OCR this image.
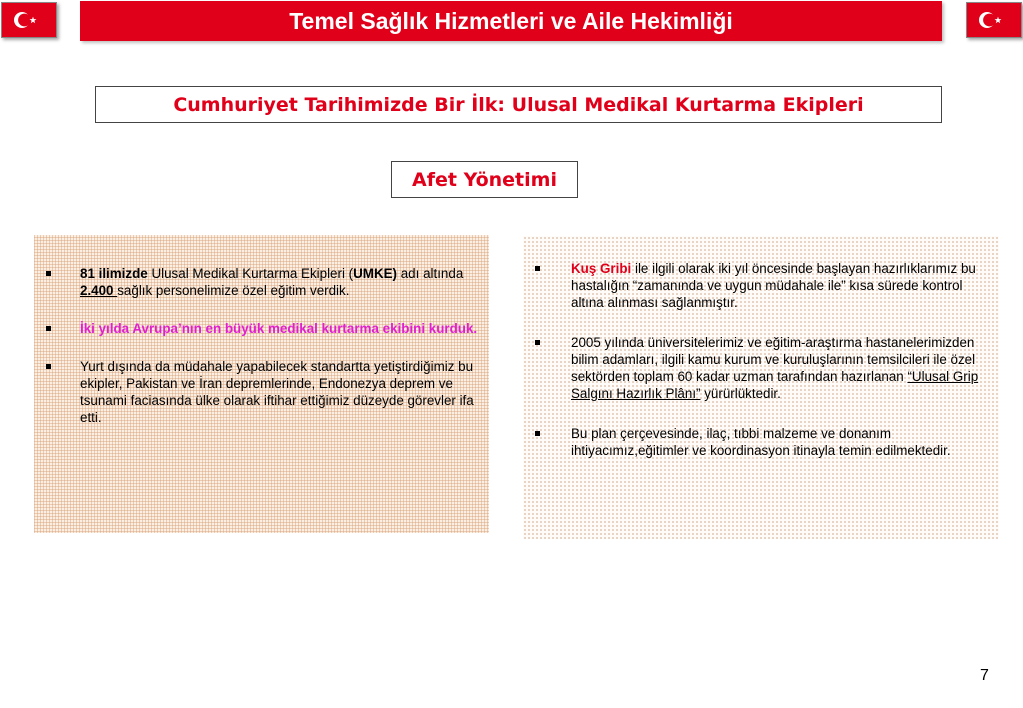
Temel Sağlık Hizmetleri ve Aile Hekimliği
Cumhuriyet Tarihimizde Bir İlk: Ulusal Medikal Kurtarma Ekipleri
Afet Yönetimi
81 ilimizde Ulusal Medikal Kurtarma Ekipleri (UMKE) adı altında 2.400 sağlık personelimize özel eğitim verdik.
İki yılda Avrupa’nın en büyük medikal kurtarma ekibini kurduk.
Yurt dışında da müdahale yapabilecek standartta yetiştirdiğimiz bu ekipler, Pakistan ve İran depremlerinde, Endonezya deprem ve tsunami faciasında ülke olarak iftihar ettiğimiz düzeyde görevler ifa etti.
Kuş Gribi ile ilgili olarak iki yıl öncesinde başlayan hazırlıklarımız bu hastalığın “zamanında ve uygun müdahale ile” kısa sürede kontrol altına alınması sağlanmıştır.
2005 yılında üniversitelerimiz ve eğitim-araştırma hastanelerimizden bilim adamları, ilgili kamu kurum ve kuruluşlarının temsilcileri ile özel sektörden toplam 60 kadar uzman tarafından hazırlanan “Ulusal Grip Salgını Hazırlık Plânı” yürürlüktedir.
Bu plan çerçevesinde, ilaç, tıbbi malzeme ve donanım ihtiyacımız,eğitimler ve koordinasyon itinayla temin edilmektedir.
7
